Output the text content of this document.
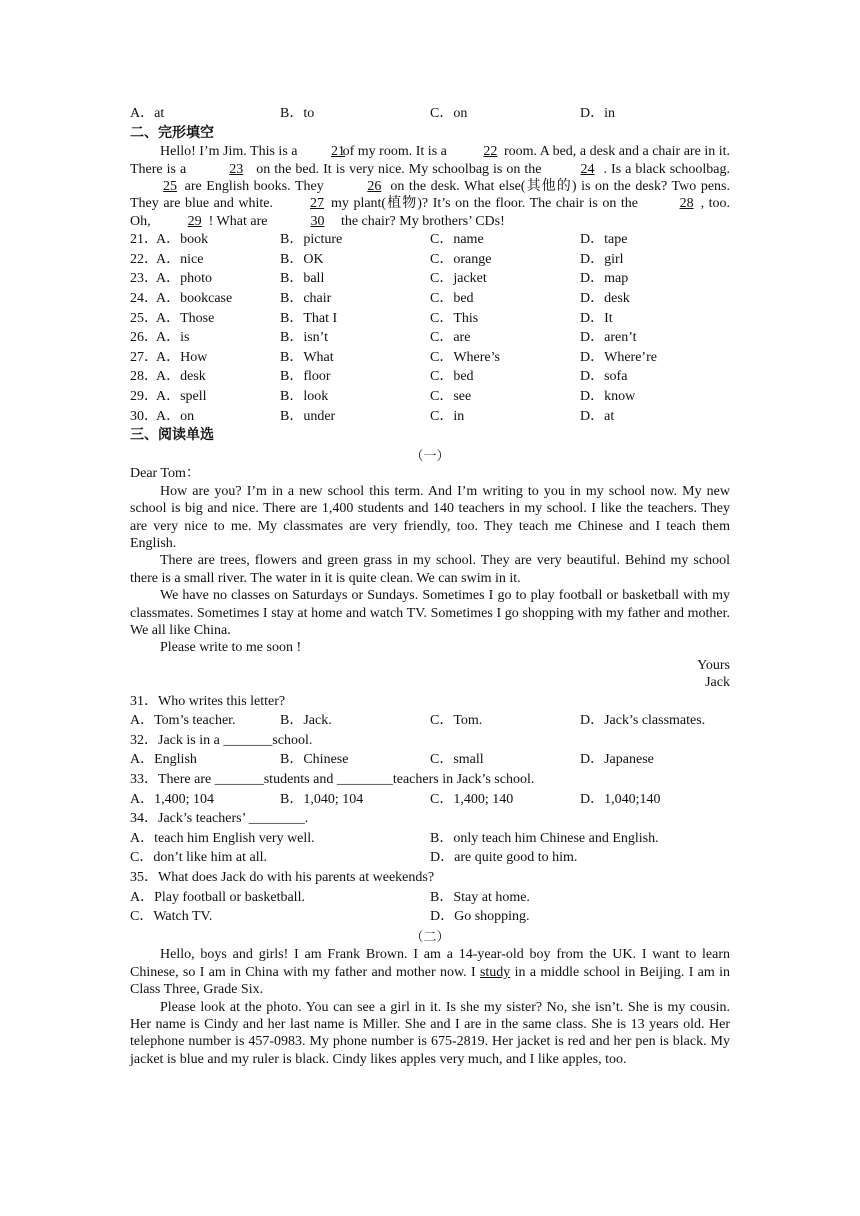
A．at	B．to	C．on	D．in
二、完形填空

Hello! I’m Jim. This is a 21 of my room. It is a 22 room. A bed, a desk and a chair are in it. There is a	23 on the bed. It is very nice. My schoolbag is on the	24 . Is a black schoolbag. 25 are English books. They	26 on the desk. What else(其他的) is on the desk? Two pens. They are blue and white.	27 my plant(植物)? It’s on the floor. The chair is on the	28 , too. Oh,	29 ! What are	30 the chair? My brothers’ CDs!

21．A．book	B．picture	C．name	D．tape
22．A．nice	B．OK	C．orange	D．girl
23．A．photo	B．ball	C．jacket	D．map
24．A．bookcase	B．chair	C．bed	D．desk
25．A．Those	B．That I	C．This	D．It
26．A．is	B．isn’t	C．are	D．aren’t
27．A．How	B．What	C．Where’s	D．Where’re
28．A．desk	B．floor	C．bed	D．sofa
29．A．spell	B．look	C．see	D．know
30．A．on	B．under	C．in	D．at
三、阅读单选
（一）
Dear Tom：

How are you? I’m in a new school this term. And I’m writing to you in my school now. My new school is big and nice. There are 1,400 students and 140 teachers in my school. I like the teachers. They are very nice to me. My classmates are very friendly, too. They teach me Chinese and I teach them English.

There are trees, flowers and green grass in my school. They are very beautiful. Behind my school there is a small river. The water in it is quite clean. We can swim in it.

We have no classes on Saturdays or Sundays. Sometimes I go to play football or basketball with my classmates. Sometimes I stay at home and watch TV. Sometimes I go shopping with my father and mother. We all like China.

Please write to me soon !

Yours
Jack
31．Who writes this letter?
A．Tom’s teacher.	B．Jack.	C．Tom.	D．Jack’s classmates.
32．Jack is in a _______school.
A．English	B．Chinese	C．small	D．Japanese
33．There are _______students and ________teachers in Jack’s school.
A．1,400; 104	B．1,040; 104	C．1,400; 140	D．1,040;140
34．Jack’s teachers’ ________.
A．teach him English very well.	B．only teach him Chinese and English.
C．don’t like him at all.	D．are quite good to him.
35．What does Jack do with his parents at weekends?
A．Play football or basketball.	B．Stay at home.
C．Watch TV.	D．Go shopping.
（二）

Hello, boys and girls! I am Frank Brown. I am a 14-year-old boy from the UK. I want to learn Chinese, so I am in China with my father and mother now. I study in a middle school in Beijing. I am in Class Three, Grade Six.

Please look at the photo. You can see a girl in it. Is she my sister? No, she isn’t. She is my cousin. Her name is Cindy and her last name is Miller. She and I are in the same class. She is 13 years old. Her telephone number is 457-0983. My phone number is 675-2819. Her jacket is red and her pen is black. My jacket is blue and my ruler is black. Cindy likes apples very much, and I like apples, too.
